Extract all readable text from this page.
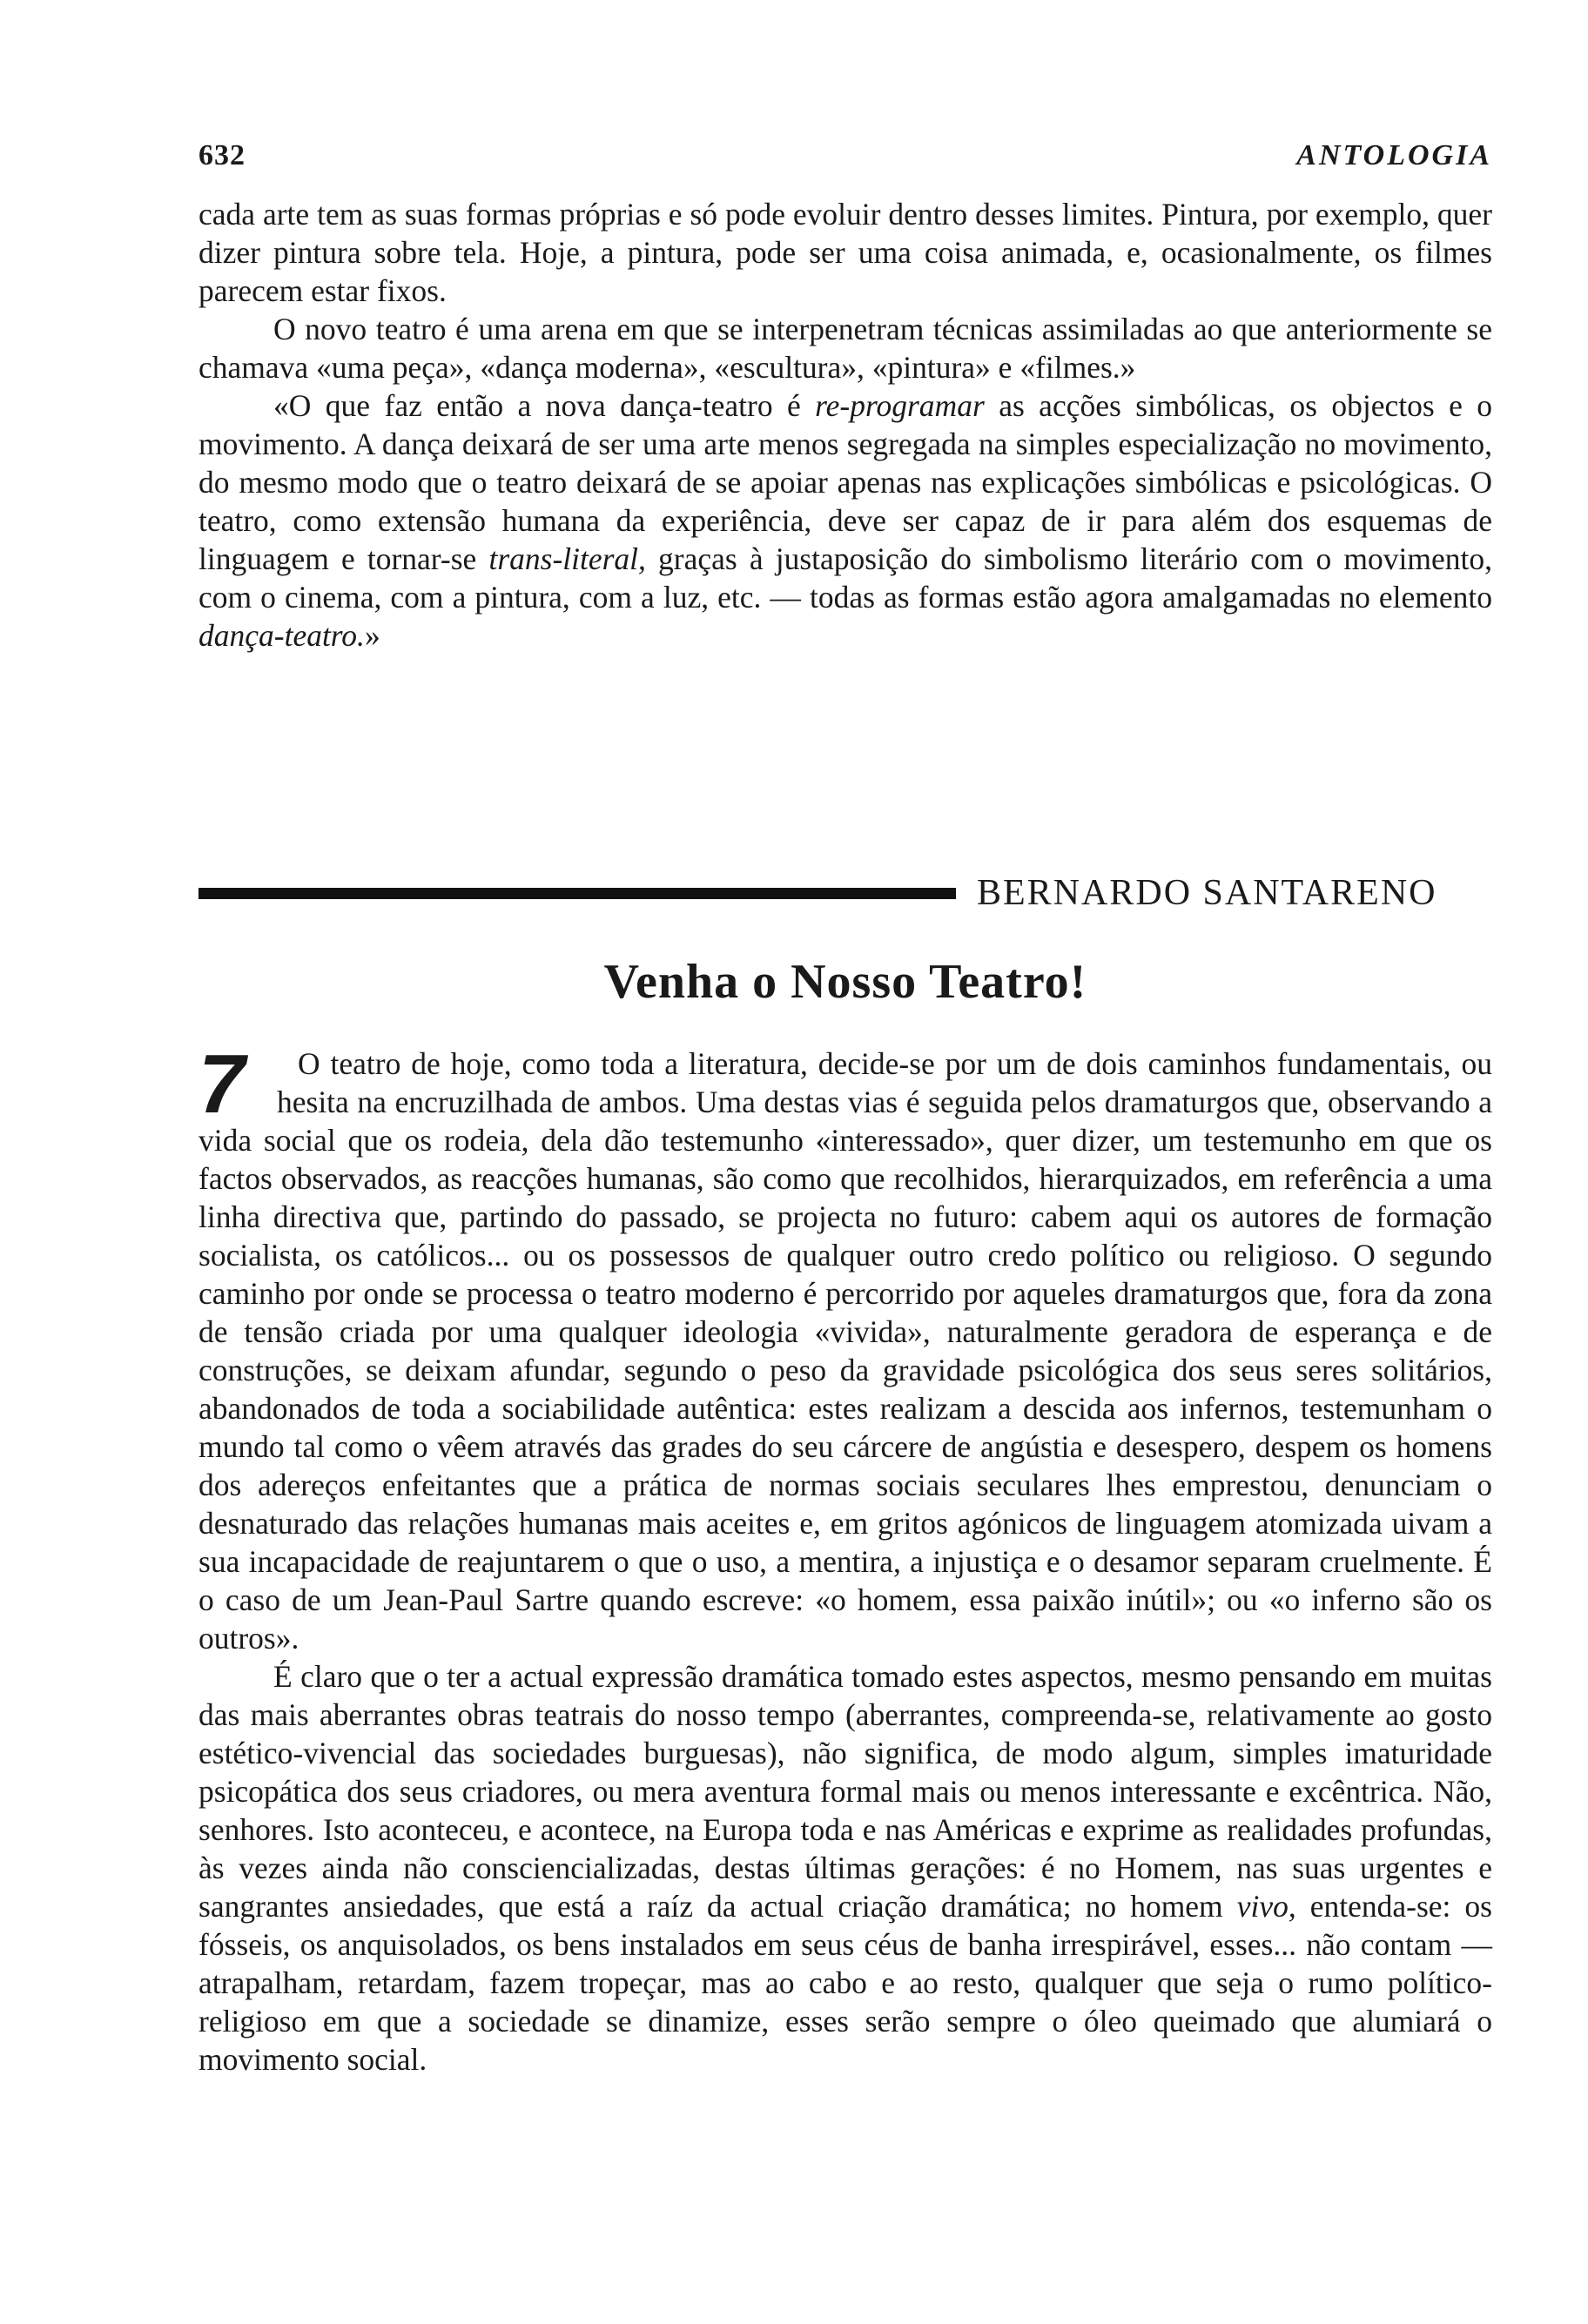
632	ANTOLOGIA

cada arte tem as suas formas próprias e só pode evoluir dentro desses limites. Pintura, por exemplo, quer dizer pintura sobre tela. Hoje, a pintura, pode ser uma coisa animada, e, ocasionalmente, os filmes parecem estar fixos.

O novo teatro é uma arena em que se interpenetram técnicas assimiladas ao que anteriormente se chamava «uma peça», «dança moderna», «escultura», «pintura» e «filmes.»

«O que faz então a nova dança-teatro é re-programar as acções simbólicas, os objectos e o movimento. A dança deixará de ser uma arte menos segregada na simples especialização no movimento, do mesmo modo que o teatro deixará de se apoiar apenas nas explicações simbólicas e psicológicas. O teatro, como extensão humana da experiência, deve ser capaz de ir para além dos esquemas de linguagem e tornar-se trans-literal, graças à justaposição do simbolismo literário com o movimento, com o cinema, com a pintura, com a luz, etc. — todas as formas estão agora amalgamadas no elemento dança-teatro.»

BERNARDO SANTARENO
Venha o Nosso Teatro!
7	O teatro de hoje, como toda a literatura, decide-se por um de dois caminhos fundamentais, ou hesita na encruzilhada de ambos. Uma destas vias é seguida pelos dramaturgos que, observando a vida social que os rodeia, dela dão testemunho «interessado», quer dizer, um testemunho em que os factos observados, as reacções humanas, são como que recolhidos, hierarquizados, em referência a uma linha directiva que, partindo do passado, se projecta no futuro: cabem aqui os autores de formação socialista, os católicos... ou os possessos de qualquer outro credo político ou religioso. O segundo caminho por onde se processa o teatro moderno é percorrido por aqueles dramaturgos que, fora da zona de tensão criada por uma qualquer ideologia «vivida», naturalmente geradora de esperança e de construções, se deixam afundar, segundo o peso da gravidade psicológica dos seus seres solitários, abandonados de toda a sociabilidade autêntica: estes realizam a descida aos infernos, testemunham o mundo tal como o vêem através das grades do seu cárcere de angústia e desespero, despem os homens dos adereços enfeitantes que a prática de normas sociais seculares lhes emprestou, denunciam o desnaturado das relações humanas mais aceites e, em gritos agónicos de linguagem atomizada uivam a sua incapacidade de reajuntarem o que o uso, a mentira, a injustiça e o desamor separam cruelmente. É o caso de um Jean-Paul Sartre quando escreve: «o homem, essa paixão inútil»; ou «o inferno são os outros».

É claro que o ter a actual expressão dramática tomado estes aspectos, mesmo pensando em muitas das mais aberrantes obras teatrais do nosso tempo (aberrantes, compreenda-se, relativamente ao gosto estético-vivencial das sociedades burguesas), não significa, de modo algum, simples imaturidade psicopática dos seus criadores, ou mera aventura formal mais ou menos interessante e excêntrica. Não, senhores. Isto aconteceu, e acontece, na Europa toda e nas Américas e exprime as realidades profundas, às vezes ainda não consciencializadas, destas últimas gerações: é no Homem, nas suas urgentes e sangrantes ansiedades, que está a raíz da actual criação dramática; no homem vivo, entenda-se: os fósseis, os anquisolados, os bens instalados em seus céus de banha irrespirável, esses... não contam — atrapalham, retardam, fazem tropeçar, mas ao cabo e ao resto, qualquer que seja o rumo político-religioso em que a sociedade se dinamize, esses serão sempre o óleo queimado que alumiará o movimento social.
